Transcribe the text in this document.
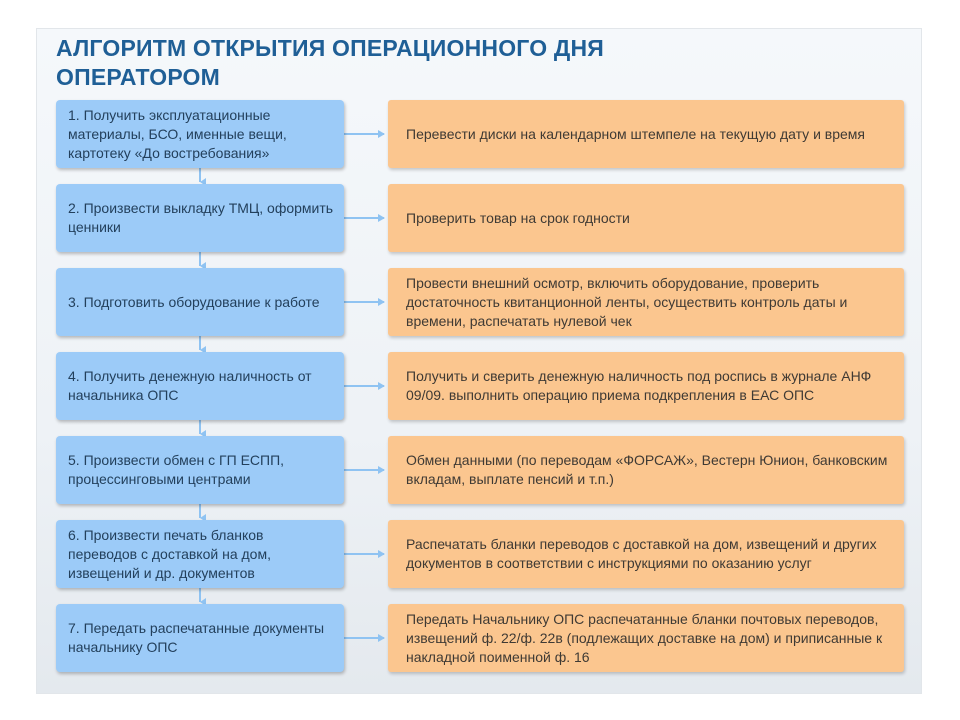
АЛГОРИТМ ОТКРЫТИЯ ОПЕРАЦИОННОГО ДНЯ ОПЕРАТОРОМ
1. Получить эксплуатационные материалы, БСО, именные вещи, картотеку «До востребования»
Перевести диски на календарном штемпеле на текущую дату и время
2. Произвести выкладку ТМЦ, оформить ценники
Проверить товар на срок годности
3. Подготовить оборудование к работе
Провести внешний осмотр, включить оборудование, проверить достаточность квитанционной ленты, осуществить контроль даты и времени, распечатать нулевой чек
4. Получить денежную наличность от начальника ОПС
Получить и сверить денежную наличность под роспись в журнале АНФ 09/09. выполнить операцию приема подкрепления в ЕАС ОПС
5. Произвести обмен с ГП ЕСПП, процессинговыми центрами
Обмен данными (по переводам «ФОРСАЖ», Вестерн Юнион, банковским вкладам, выплате пенсий и т.п.)
6. Произвести печать бланков переводов с доставкой на дом, извещений и др. документов
Распечатать бланки переводов с доставкой на дом, извещений и других документов в соответствии с инструкциями по оказанию услуг
7. Передать распечатанные документы начальнику ОПС
Передать Начальнику ОПС распечатанные бланки почтовых переводов, извещений ф. 22/ф. 22в (подлежащих доставке на дом) и приписанные к накладной поименной ф. 16
